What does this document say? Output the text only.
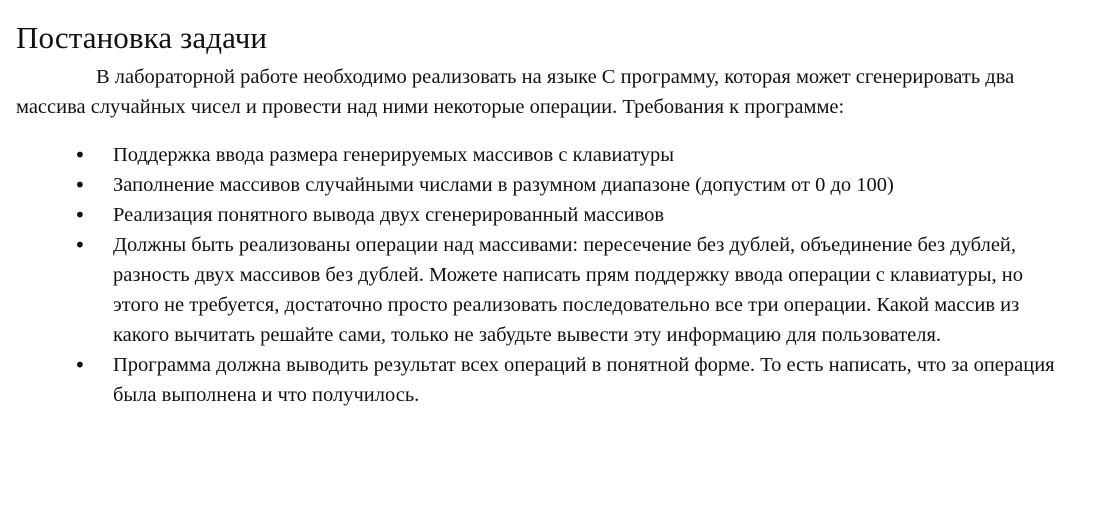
Постановка задачи

В лабораторной работе необходимо реализовать на языке С программу, которая может сгенерировать два массива случайных чисел и провести над ними некоторые операции. Требования к программе:

• Поддержка ввода размера генерируемых массивов с клавиатуры
• Заполнение массивов случайными числами в разумном диапазоне (допустим от 0 до 100)
• Реализация понятного вывода двух сгенерированный массивов
• Должны быть реализованы операции над массивами: пересечение без дублей, объединение без дублей, разность двух массивов без дублей. Можете написать прям поддержку ввода операции с клавиатуры, но этого не требуется, достаточно просто реализовать последовательно все три операции. Какой массив из какого вычитать решайте сами, только не забудьте вывести эту информацию для пользователя.
• Программа должна выводить результат всех операций в понятной форме. То есть написать, что за операция была выполнена и что получилось.
